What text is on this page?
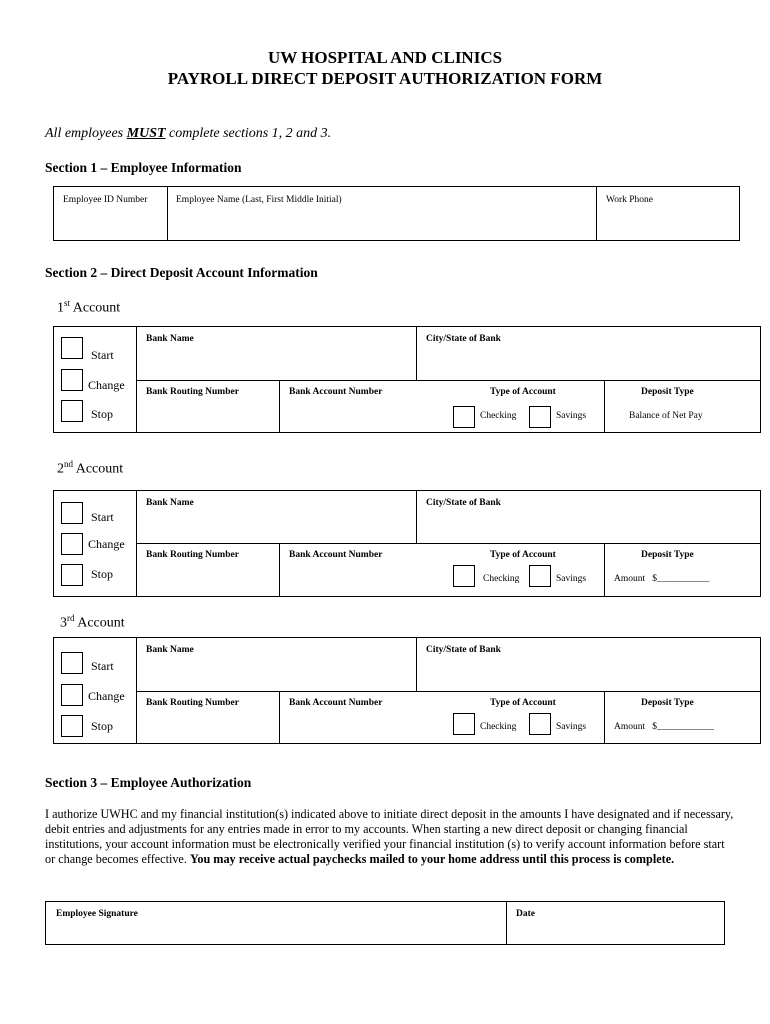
UW HOSPITAL AND CLINICS
PAYROLL DIRECT DEPOSIT AUTHORIZATION FORM
All employees MUST complete sections 1, 2 and 3.
Section 1 – Employee Information
Employee ID Number	Employee Name (Last, First Middle Initial)	Work Phone
Section 2 – Direct Deposit Account Information
1st Account
Start
Change
Stop
Bank Name	City/State of Bank
Bank Routing Number	Bank Account Number	Type of Account	Deposit Type
Checking	Savings	Balance of Net Pay
2nd Account
Start
Change
Stop
Bank Name	City/State of Bank
Bank Routing Number	Bank Account Number	Type of Account	Deposit Type
Checking	Savings	Amount   $___________
3rd Account
Start
Change
Stop
Bank Name	City/State of Bank
Bank Routing Number	Bank Account Number	Type of Account	Deposit Type
Checking	Savings	Amount   $____________
Section 3 – Employee Authorization
I authorize UWHC and my financial institution(s) indicated above to initiate direct deposit in the amounts I have designated and if necessary, debit entries and adjustments for any entries made in error to my accounts. When starting a new direct deposit or changing financial institutions, your account information must be electronically verified your financial institution (s) to verify account information before start or change becomes effective. You may receive actual paychecks mailed to your home address until this process is complete.
Employee Signature	Date
